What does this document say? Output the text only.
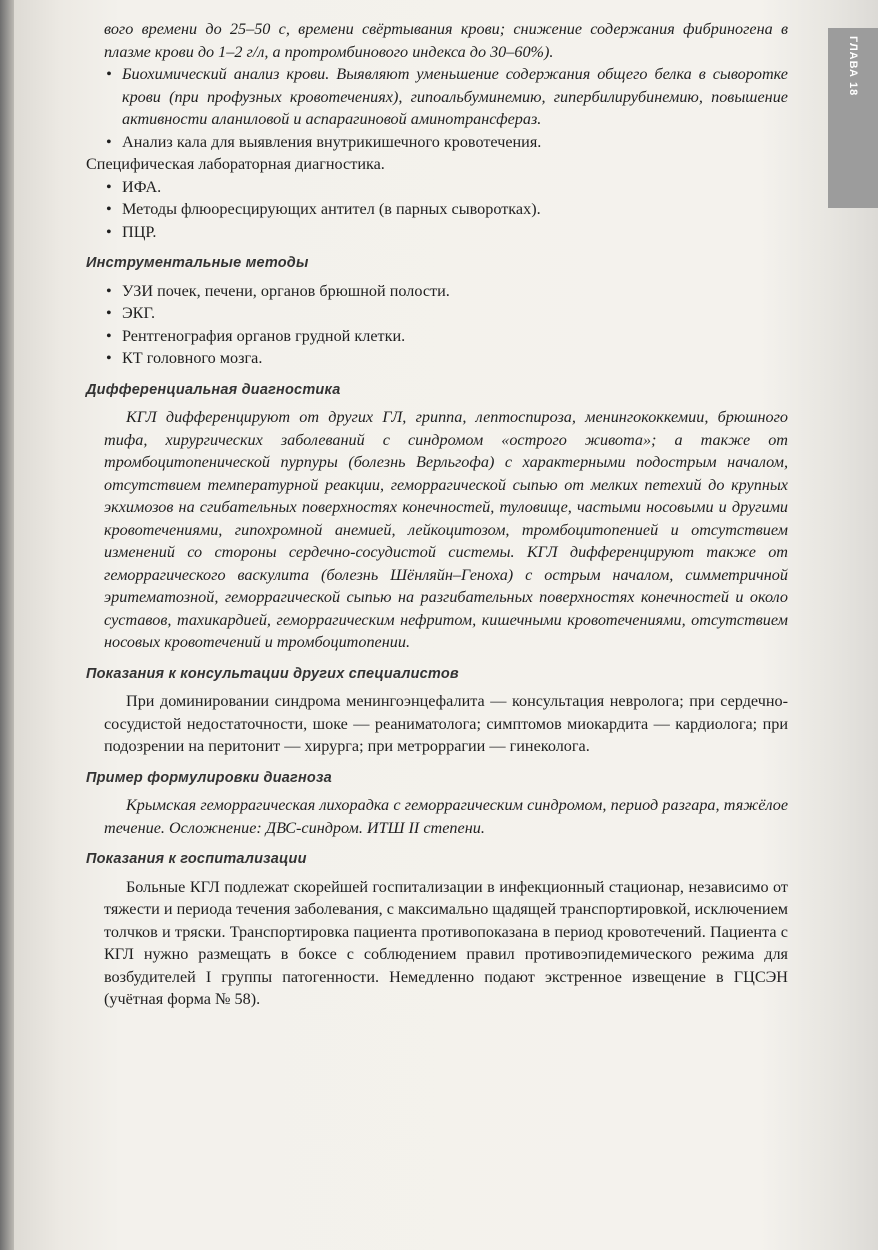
ГЛАВА 18

вого времени до 25–50 с, времени свёртывания крови; снижение содержания фибриногена в плазме крови до 1–2 г/л, а протромбинового индекса до 30–60%).

• Биохимический анализ крови. Выявляют уменьшение содержания общего белка в сыворотке крови (при профузных кровотечениях), гипоальбуминемию, гипербилирубинемию, повышение активности аланиловой и аспарагиновой аминотрансфераз.
• Анализ кала для выявления внутрикишечного кровотечения.

Специфическая лабораторная диагностика.

• ИФА.
• Методы флюоресцирующих антител (в парных сыворотках).
• ПЦР.
Инструментальные методы
• УЗИ почек, печени, органов брюшной полости.
• ЭКГ.
• Рентгенография органов грудной клетки.
• КТ головного мозга.
Дифференциальная диагностика

КГЛ дифференцируют от других ГЛ, гриппа, лептоспироза, менингококкемии, брюшного тифа, хирургических заболеваний с синдромом «острого живота»; а также от тромбоцитопенической пурпуры (болезнь Верльгофа) с характерными подострым началом, отсутствием температурной реакции, геморрагической сыпью от мелких петехий до крупных экхимозов на сгибательных поверхностях конечностей, туловище, частыми носовыми и другими кровотечениями, гипохромной анемией, лейкоцитозом, тромбоцитопенией и отсутствием изменений со стороны сердечно-сосудистой системы. КГЛ дифференцируют также от геморрагического васкулита (болезнь Шёнляйн–Геноха) с острым началом, симметричной эритематозной, геморрагической сыпью на разгибательных поверхностях конечностей и около суставов, тахикардией, геморрагическим нефритом, кишечными кровотечениями, отсутствием носовых кровотечений и тромбоцитопении.

Показания к консультации других специалистов

При доминировании синдрома менингоэнцефалита — консультация невролога; при сердечно-сосудистой недостаточности, шоке — реаниматолога; симптомов миокардита — кардиолога; при подозрении на перитонит — хирурга; при метроррагии — гинеколога.

Пример формулировки диагноза

Крымская геморрагическая лихорадка с геморрагическим синдромом, период разгара, тяжёлое течение. Осложнение: ДВС-синдром. ИТШ II степени.

Показания к госпитализации

Больные КГЛ подлежат скорейшей госпитализации в инфекционный стационар, независимо от тяжести и периода течения заболевания, с максимально щадящей транспортировкой, исключением толчков и тряски. Транспортировка пациента противопоказана в период кровотечений. Пациента с КГЛ нужно размещать в боксе с соблюдением правил противоэпидемического режима для возбудителей I группы патогенности. Немедленно подают экстренное извещение в ГЦСЭН (учётная форма № 58).
